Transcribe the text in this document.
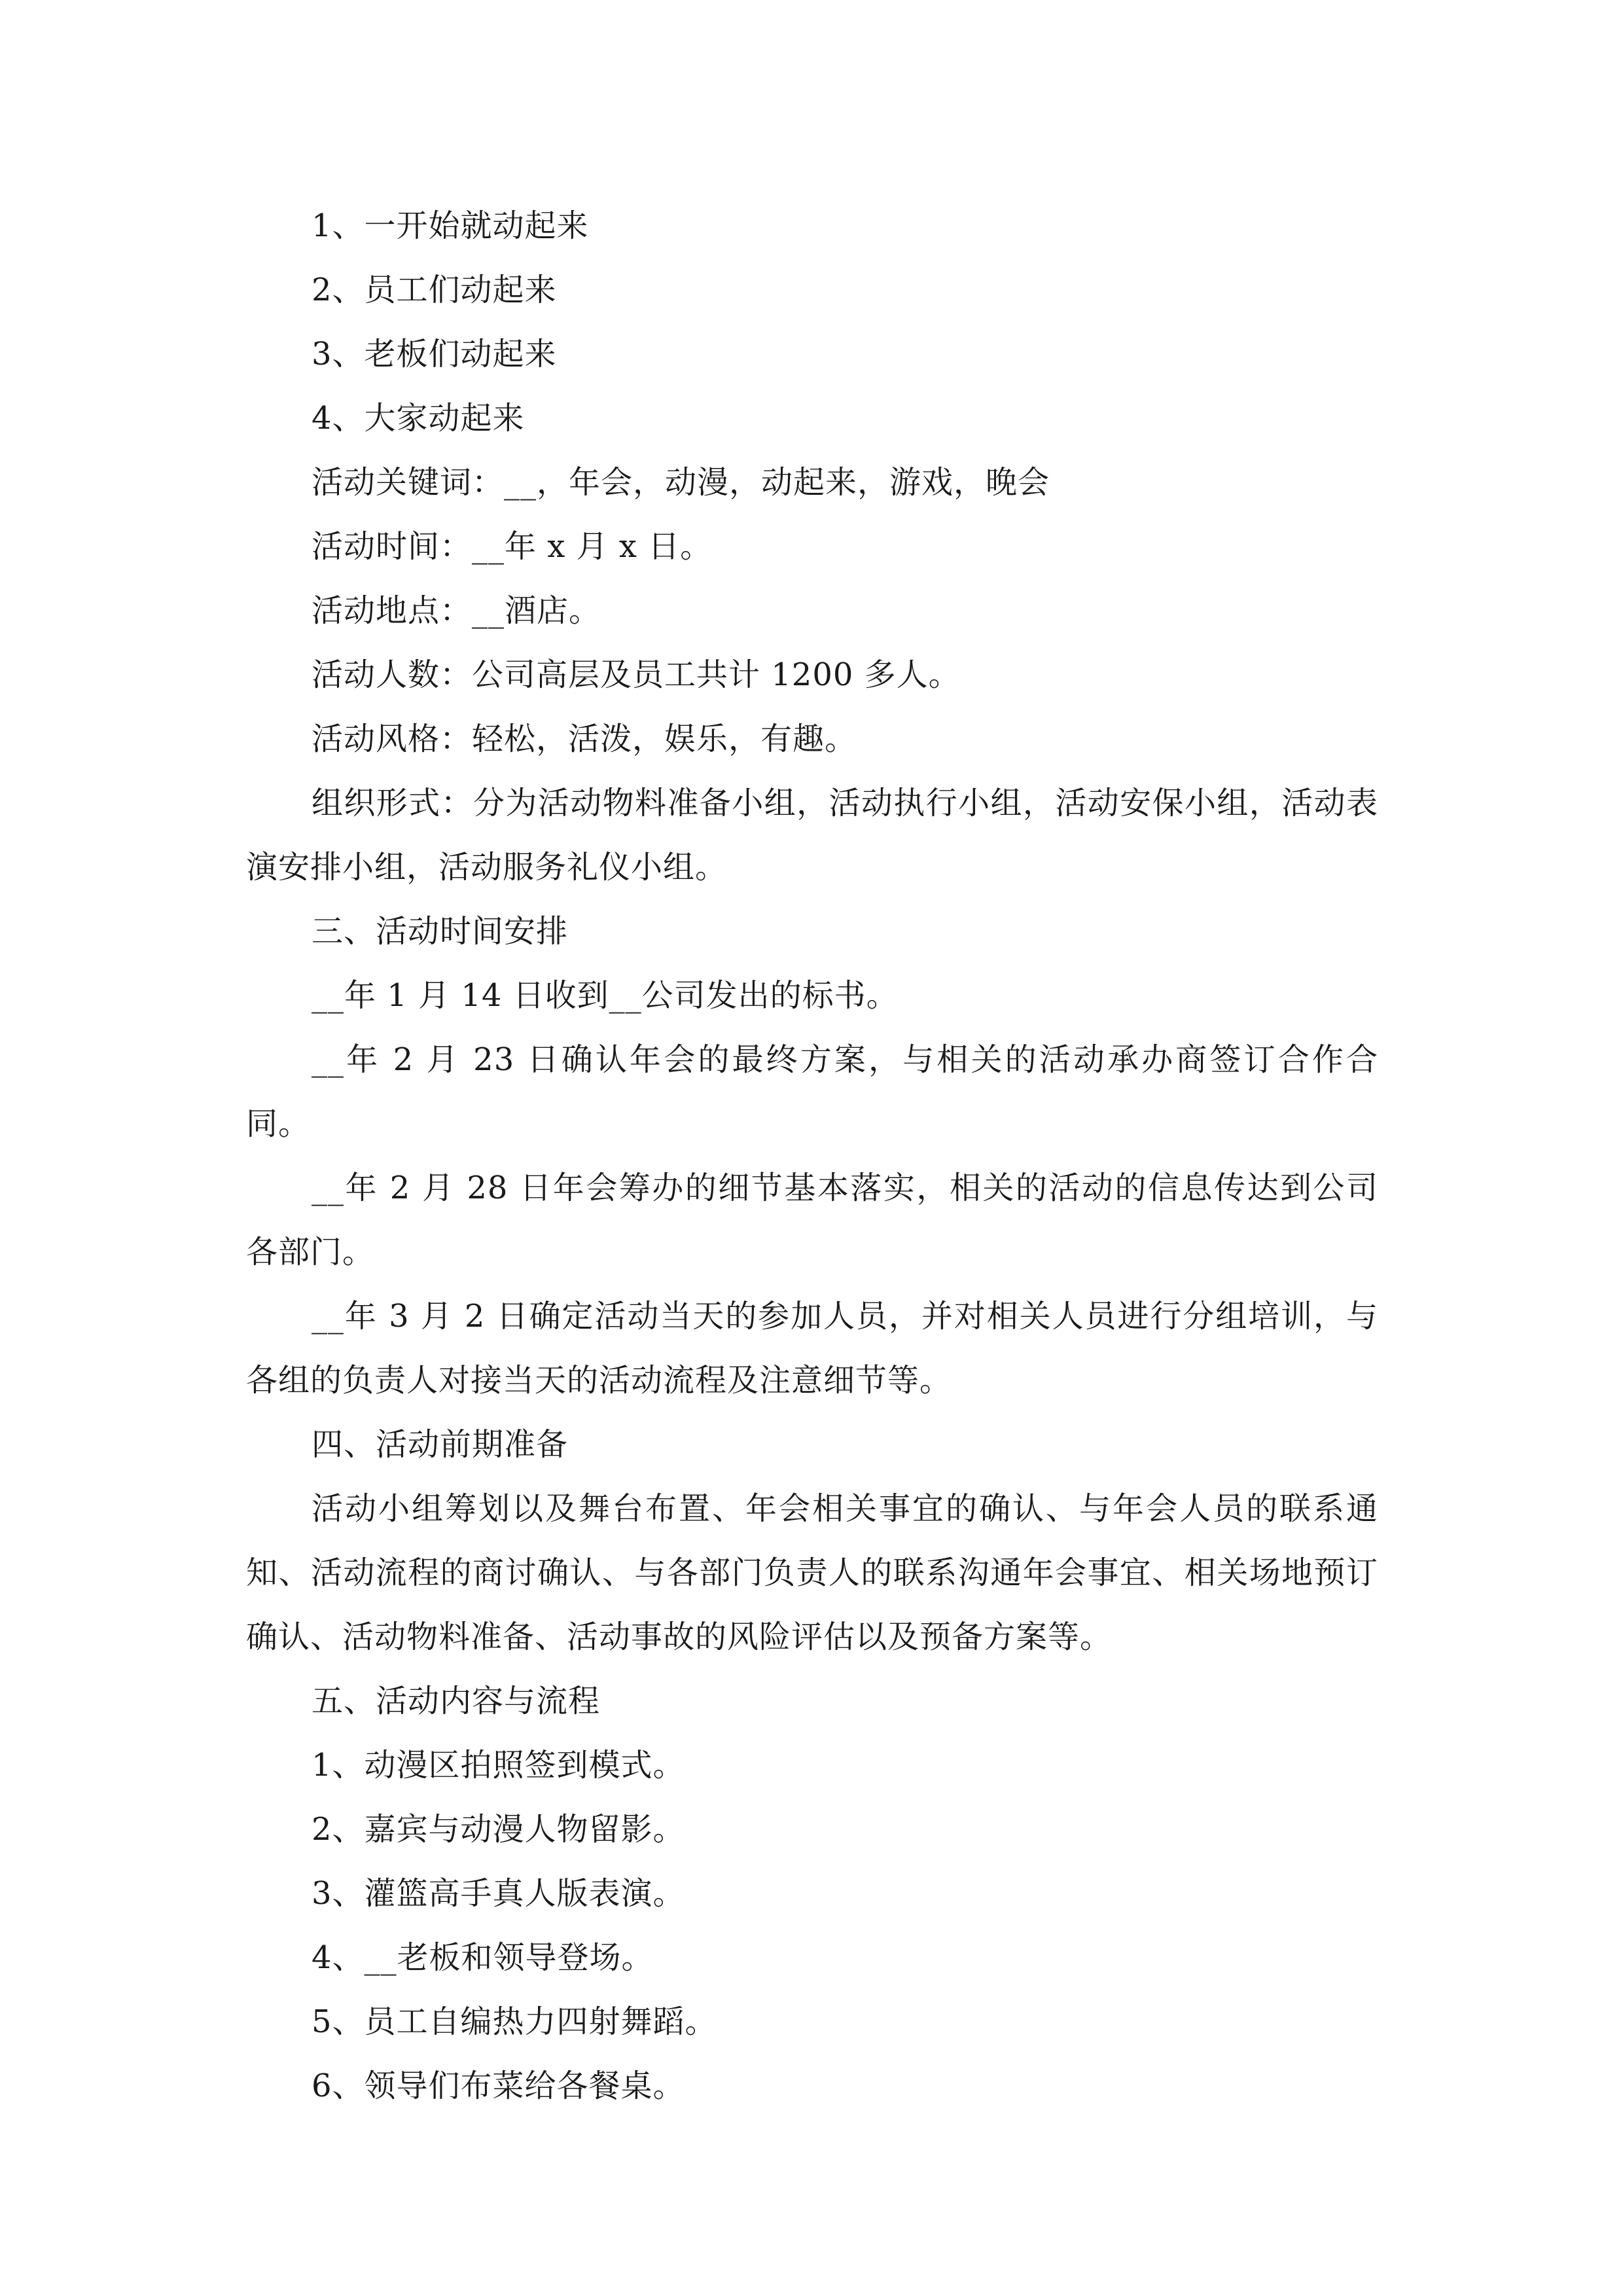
1、一开始就动起来

2、员工们动起来

3、老板们动起来

4、大家动起来

活动关键词：__，年会，动漫，动起来，游戏，晚会

活动时间：__年 x 月 x 日。

活动地点：__酒店。

活动人数：公司高层及员工共计 1200 多人。

活动风格：轻松，活泼，娱乐，有趣。

组织形式：分为活动物料准备小组，活动执行小组，活动安保小组，活动表演安排小组，活动服务礼仪小组。

三、活动时间安排

__年 1 月 14 日收到__公司发出的标书。

__年 2 月 23 日确认年会的最终方案，与相关的活动承办商签订合作合同。

__年 2 月 28 日年会筹办的细节基本落实，相关的活动的信息传达到公司各部门。

__年 3 月 2 日确定活动当天的参加人员，并对相关人员进行分组培训，与各组的负责人对接当天的活动流程及注意细节等。

四、活动前期准备

活动小组筹划以及舞台布置、年会相关事宜的确认、与年会人员的联系通知、活动流程的商讨确认、与各部门负责人的联系沟通年会事宜、相关场地预订确认、活动物料准备、活动事故的风险评估以及预备方案等。

五、活动内容与流程

1、动漫区拍照签到模式。

2、嘉宾与动漫人物留影。

3、灌篮高手真人版表演。

4、__老板和领导登场。

5、员工自编热力四射舞蹈。

6、领导们布菜给各餐桌。
